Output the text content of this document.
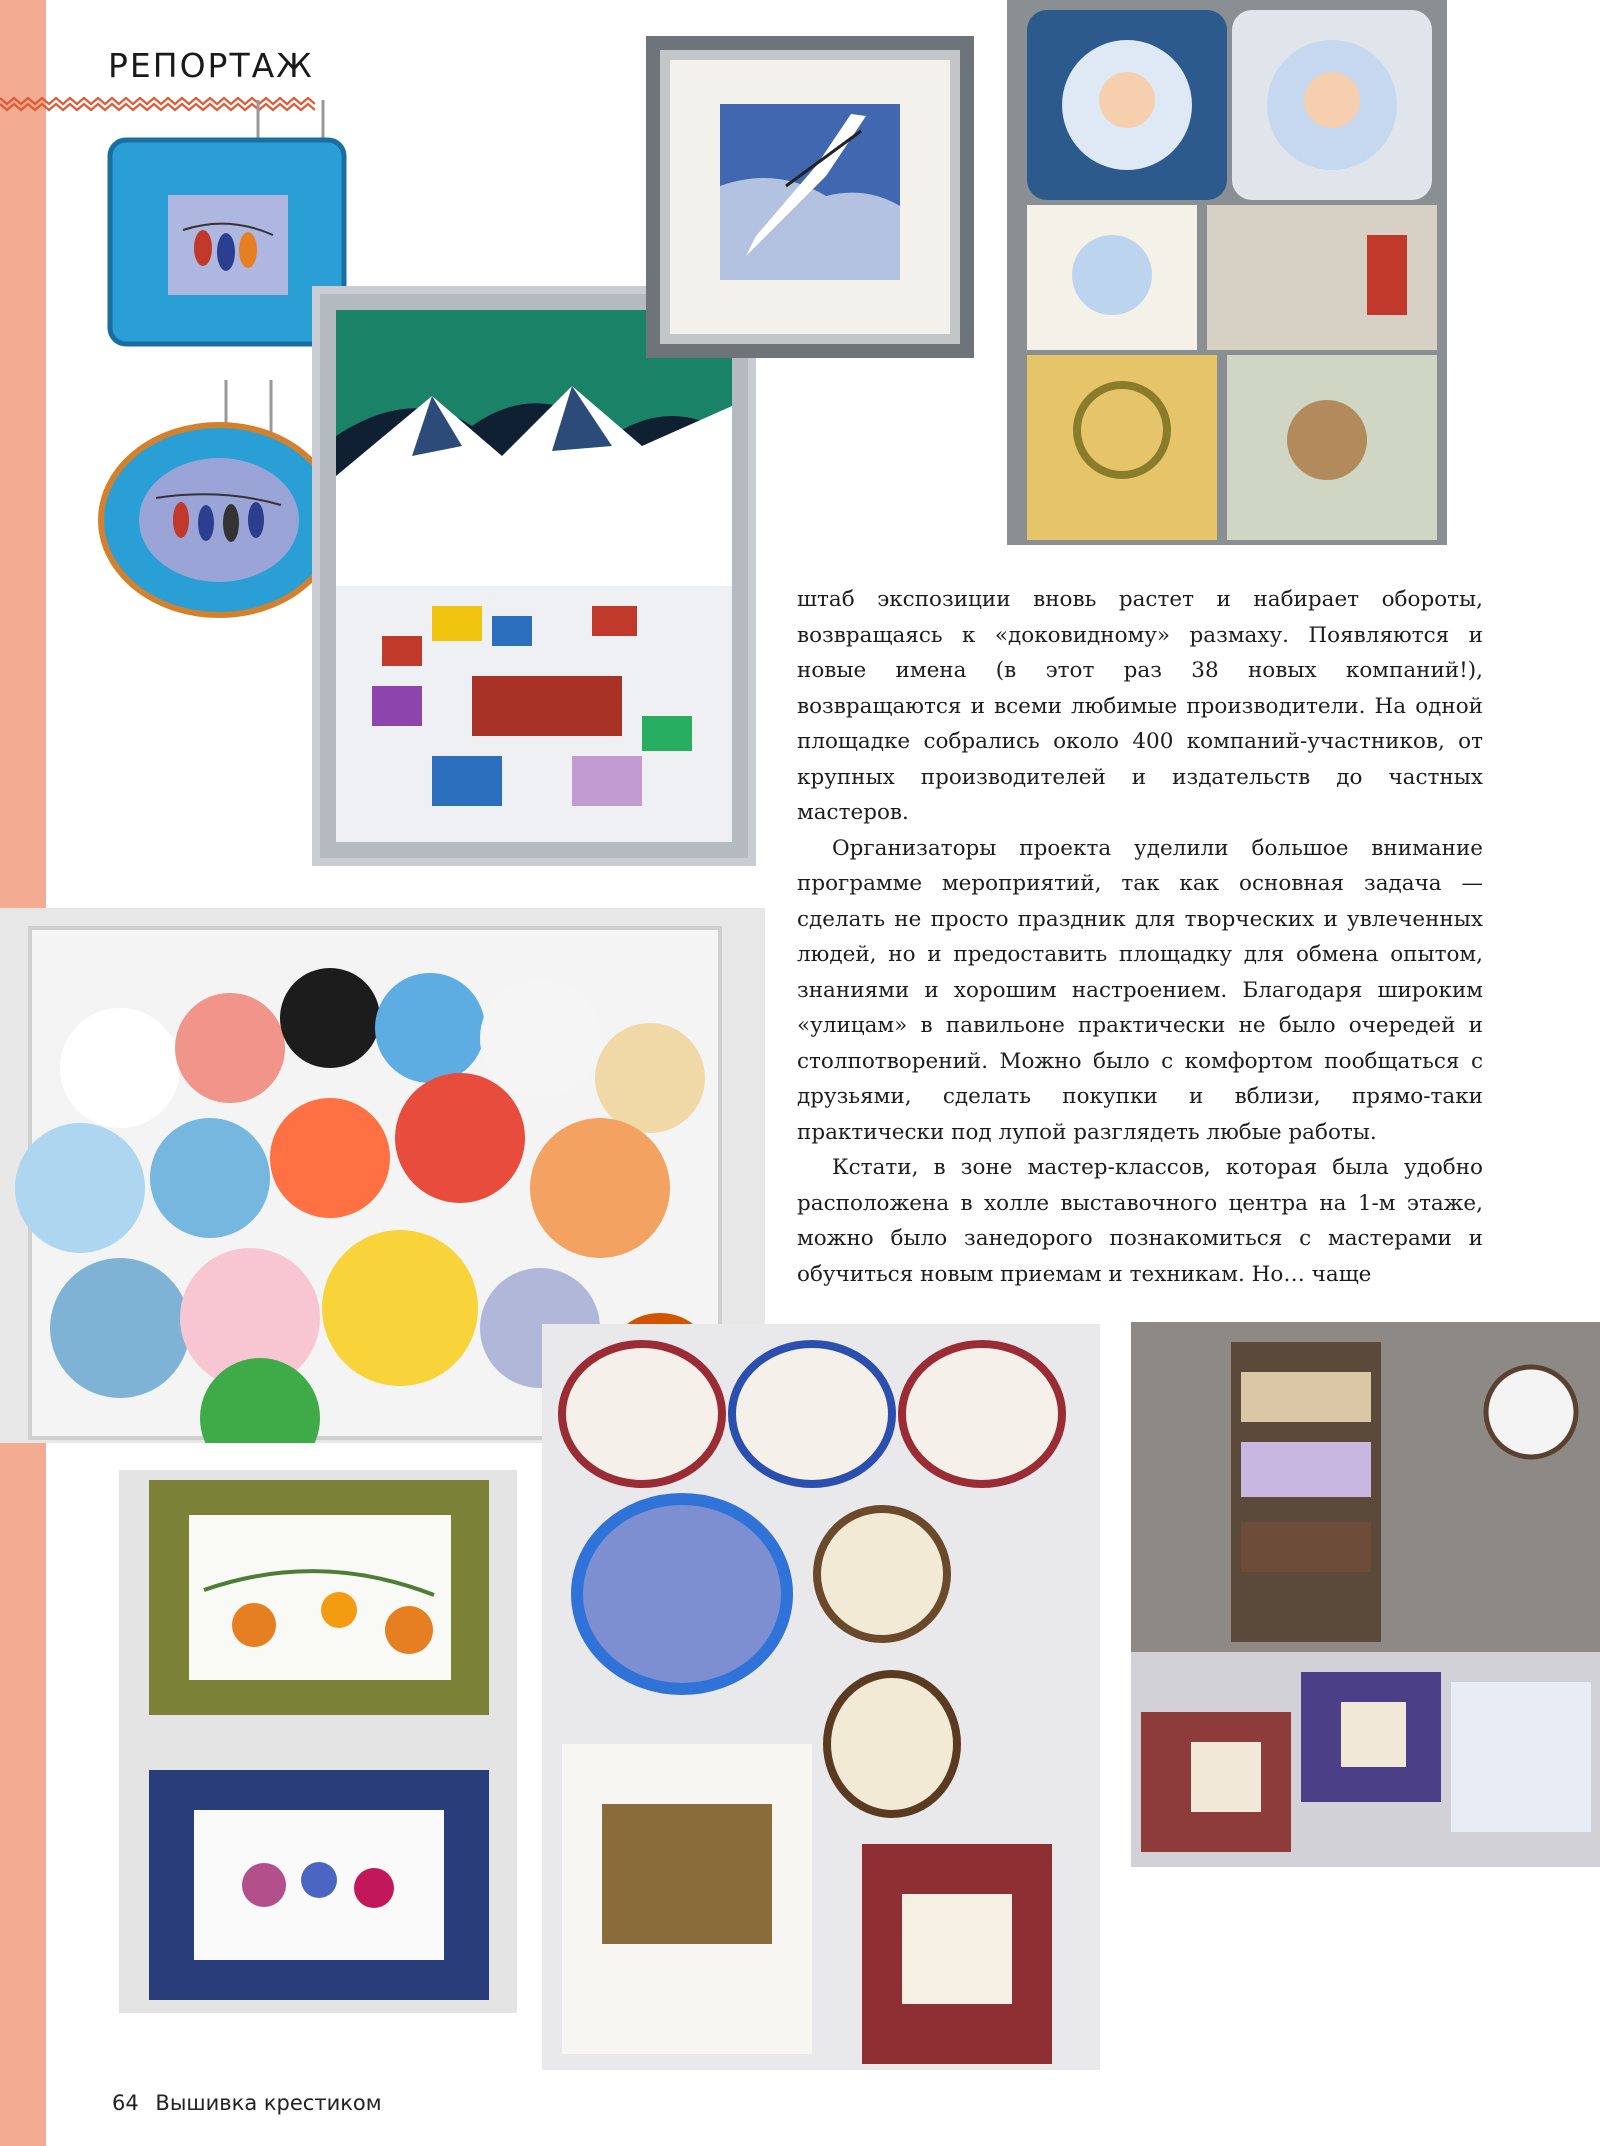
РЕПОРТАЖ

штаб экспозиции вновь растет и набирает обороты, возвращаясь к «доковидному» размаху. Появляются и новые имена (в этот раз 38 новых компаний!), возвращаются и всеми любимые производители. На одной площадке собрались около 400 компаний-участников, от крупных производителей и издательств до частных мастеров.

Организаторы проекта уделили большое внимание программе мероприятий, так как основная задача — сделать не просто праздник для творческих и увлеченных людей, но и предоставить площадку для обмена опытом, знаниями и хорошим настроением. Благодаря широким «улицам» в павильоне практически не было очередей и столпотворений. Можно было с комфортом пообщаться с друзьями, сделать покупки и вблизи, прямо-таки практически под лупой разглядеть любые работы.

Кстати, в зоне мастер-классов, которая была удобно расположена в холле выставочного центра на 1-м этаже, можно было занедорого познакомиться с мастерами и обучиться новым приемам и техникам. Но… чаще

64 Вышивка крестиком
